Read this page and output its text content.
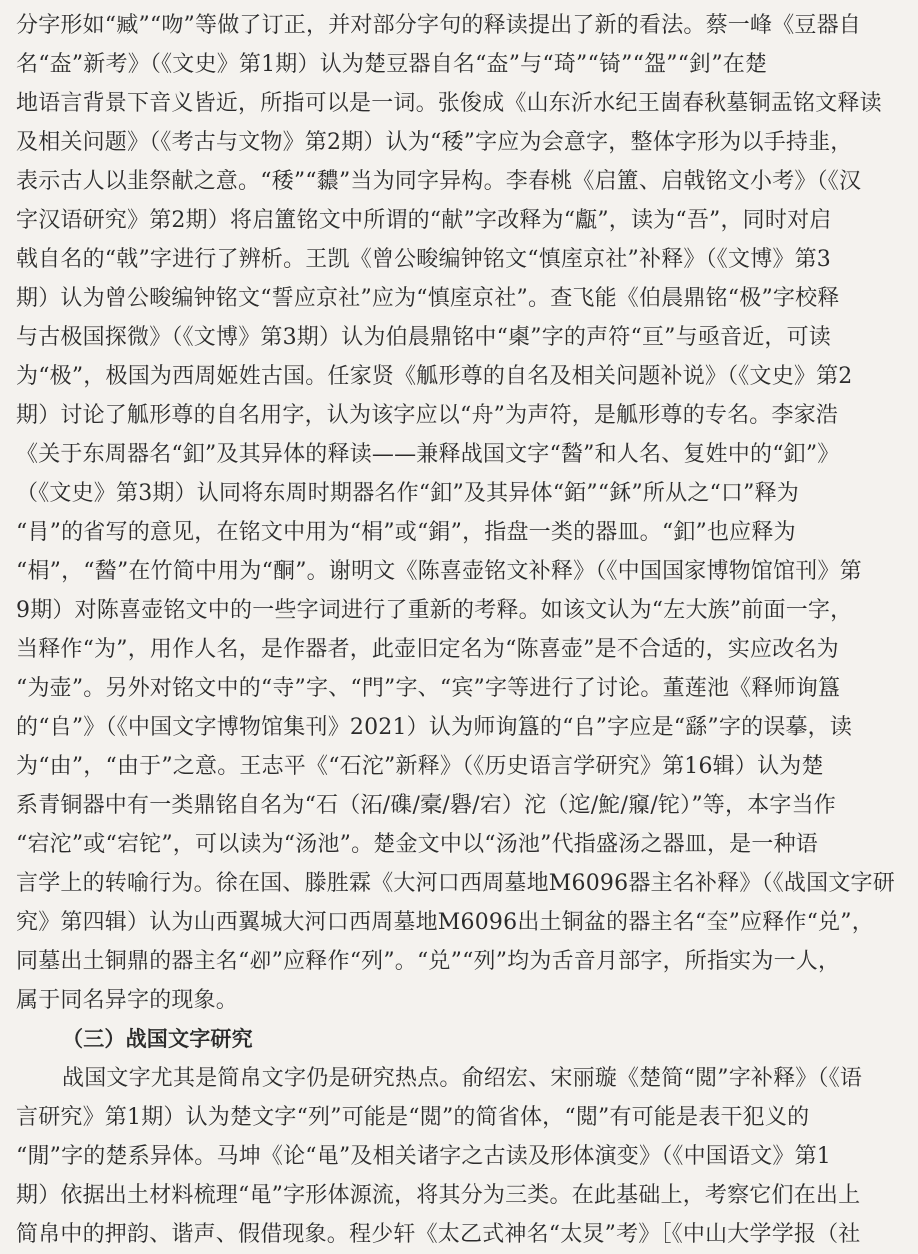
分字形如“臧”“吻”等做了订正，并对部分字句的释读提出了新的看法。蔡一峰《豆器自
名“盇”新考》（《文史》第1期）认为楚豆器自名“盇”与“琦”“锜”“盌”“釗”在楚
地语言背景下音义皆近，所指可以是一词。张俊成《山东沂水纪王崮春秋墓铜盂铭文释读
及相关问题》（《考古与文物》第2期）认为“䅗”字应为会意字，整体字形为以手持韭，
表示古人以韭祭献之意。“䅗”“䵜”当为同字异构。李春桃《启簠、启戟铭文小考》（《汉
字汉语研究》第2期）将启簠铭文中所谓的“献”字改释为“甗”，读为“吾”，同时对启
戟自名的“戟”字进行了辨析。王凯《曾公畯编钟铭文“慎庢京社”补释》（《文博》第3
期）认为曾公畯编钟铭文“誓应京社”应为“慎庢京社”。查飞能《伯晨鼎铭“极”字校释
与古极国探微》（《文博》第3期）认为伯晨鼎铭中“㮚”字的声符“亘”与亟音近，可读
为“极”，极国为西周姬姓古国。任家贤《觚形尊的自名及相关问题补说》（《文史》第2
期）讨论了觚形尊的自名用字，认为该字应以“舟”为声符，是觚形尊的专名。李家浩
《关于东周器名“釦”及其异体的释读——兼释战国文字“醔”和人名、复姓中的“釦”》
（《文史》第3期）认同将东周时期器名作“釦”及其异体“銆”“鉌”所从之“口”释为
“肙”的省写的意见，在铭文中用为“梋”或“鋗”，指盘一类的器皿。“釦”也应释为
“梋”，“醔”在竹简中用为“酮”。谢明文《陈喜壶铭文补释》（《中国国家博物馆馆刊》第
9期）对陈喜壶铭文中的一些字词进行了重新的考释。如该文认为“左大族”前面一字，
当释作“为”，用作人名，是作器者，此壶旧定名为“陈喜壶”是不合适的，实应改名为
“为壶”。另外对铭文中的“寺”字、“門”字、“宾”字等进行了讨论。董莲池《释师询簋
的“𠂤”》（《中国文字博物馆集刊》2021）认为师询簋的“𠂤”字应是“繇”字的误摹，读
为“由”，“由于”之意。王志平《“石沱”新释》（《历史语言学研究》第16辑）认为楚
系青铜器中有一类鼎铭自名为“石（沰/磼/槖/礜/宕）沱（迱/鮀/䆿/铊）”等，本字当作
“宕沱”或“宕铊”，可以读为“汤池”。楚金文中以“汤池”代指盛汤之器皿，是一种语
言学上的转喻行为。徐在国、滕胜霖《大河口西周墓地M6096器主名补释》（《战国文字研
究》第四辑）认为山西翼城大河口西周墓地M6096出土铜盆的器主名“𡘇”应释作“兑”，
同墓出土铜鼎的器主名“𠨘”应释作“列”。“兑”“列”均为舌音月部字，所指实为一人，
属于同名异字的现象。
（三）战国文字研究
战国文字尤其是简帛文字仍是研究热点。俞绍宏、宋丽璇《楚简“閲”字补释》（《语
言研究》第1期）认为楚文字“列”可能是“閲”的简省体，“閲”有可能是表干犯义的
“閒”字的楚系异体。马坤《论“黾”及相关诸字之古读及形体演变》（《中国语文》第1
期）依据出土材料梳理“黾”字形体源流，将其分为三类。在此基础上，考察它们在出上
简帛中的押韵、谐声、假借现象。程少轩《太乙式神名“太炅”考》［《中山大学学报（社
